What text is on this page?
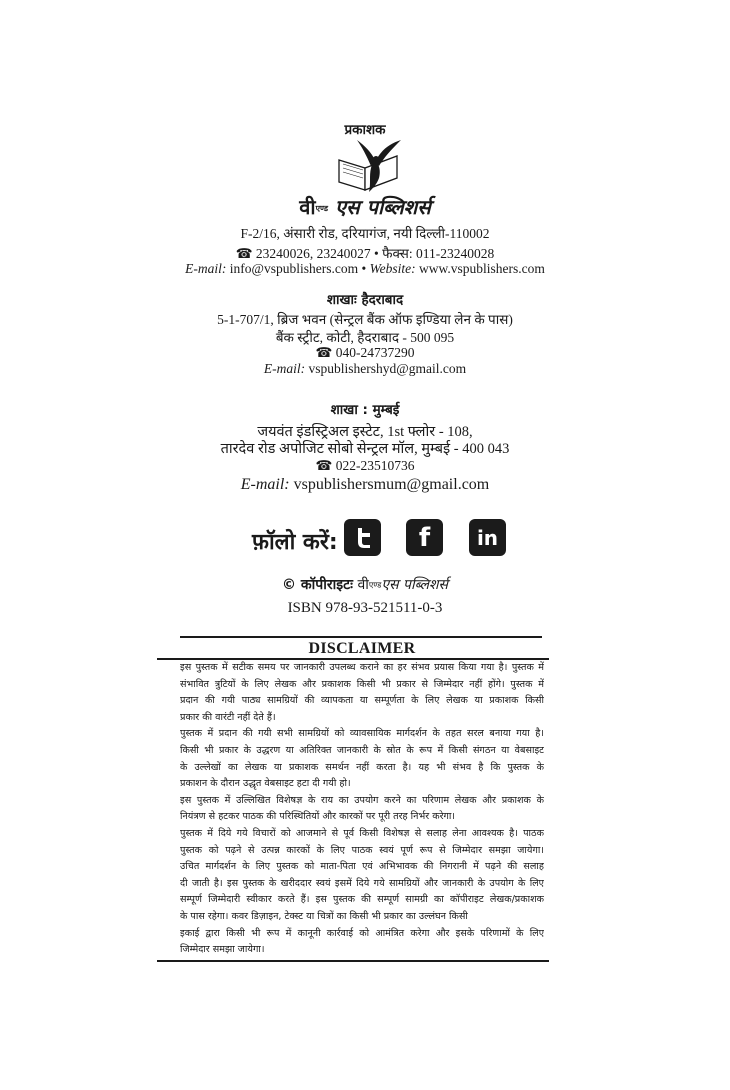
प्रकाशक
वीएण्ड एस पब्लिशर्स
F-2/16, अंसारी रोड, दरियागंज, नयी दिल्ली-110002
☎ 23240026, 23240027 • फैक्स: 011-23240028
E-mail: info@vspublishers.com • Website: www.vspublishers.com
शाखाः हैदराबाद
5-1-707/1, ब्रिज भवन (सेन्ट्रल बैंक ऑफ इण्डिया लेन के पास)
बैंक स्ट्रीट, कोटी, हैदराबाद - 500 095
☎ 040-24737290
E-mail: vspublishershyd@gmail.com
शाखा : मुम्बई
जयवंत इंडस्ट्रिअल इस्टेट, 1st फ्लोर - 108,
तारदेव रोड अपोजिट सोबो सेन्ट्रल मॉल, मुम्बई - 400 043
☎ 022-23510736
E-mail: vspublishersmum@gmail.com
फ़ॉलो करें:	f	in
© कॉपीराइटः वीएण्डएस पब्लिशर्स
ISBN 978-93-521511-0-3
DISCLAIMER
इस पुस्तक में सटीक समय पर जानकारी उपलब्ध कराने का हर संभव प्रयास किया गया है। पुस्तक में
संभावित त्रुटियों के लिए लेखक और प्रकाशक किसी भी प्रकार से जिम्मेदार नहीं होंगे। पुस्तक में
प्रदान की गयी पाठ्य सामग्रियों की व्यापकता या सम्पूर्णता के लिए लेखक या प्रकाशक किसी
प्रकार की वारंटी नहीं देते हैं।
पुस्तक में प्रदान की गयी सभी सामग्रियों को व्यावसायिक मार्गदर्शन के तहत सरल बनाया गया है।
किसी भी प्रकार के उद्धरण या अतिरिक्त जानकारी के स्रोत के रूप में किसी संगठन या वेबसाइट
के उल्लेखों का लेखक या प्रकाशक समर्थन नहीं करता है। यह भी संभव है कि पुस्तक के
प्रकाशन के दौरान उद्धृत वेबसाइट हटा दी गयी हो।
इस पुस्तक में उल्लिखित विशेषज्ञ के राय का उपयोग करने का परिणाम लेखक और प्रकाशक के
नियंत्रण से हटकर पाठक की परिस्थितियों और कारकों पर पूरी तरह निर्भर करेगा।
पुस्तक में दिये गये विचारों को आजमाने से पूर्व किसी विशेषज्ञ से सलाह लेना आवश्यक है। पाठक
पुस्तक को पढ़ने से उत्पन्न कारकों के लिए पाठक स्वयं पूर्ण रूप से जिम्मेदार समझा जायेगा।
उचित मार्गदर्शन के लिए पुस्तक को माता-पिता एवं अभिभावक की निगरानी में पढ़ने की सलाह
दी जाती है। इस पुस्तक के खरीददार स्वयं इसमें दिये गये सामग्रियों और जानकारी के उपयोग के लिए
सम्पूर्ण जिम्मेदारी स्वीकार करते हैं। इस पुस्तक की सम्पूर्ण सामग्री का कॉपीराइट लेखक/प्रकाशक
के पास रहेगा। कवर डिज़ाइन, टेक्स्ट या चित्रों का किसी भी प्रकार का उल्लंघन किसी
इकाई द्वारा किसी भी रूप में कानूनी कार्रवाई को आमंत्रित करेगा और इसके परिणामों के लिए
जिम्मेदार समझा जायेगा।
